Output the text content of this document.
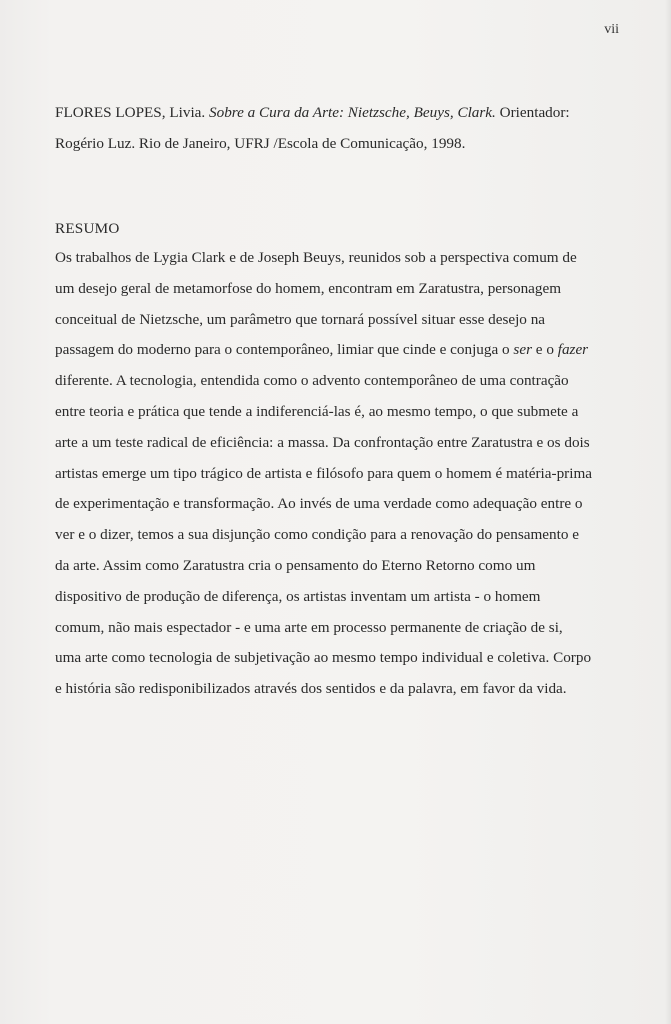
vii
FLORES LOPES, Livia. Sobre a Cura da Arte: Nietzsche, Beuys, Clark. Orientador:
Rogério Luz. Rio de Janeiro, UFRJ /Escola de Comunicação, 1998.
RESUMO
Os trabalhos de Lygia Clark e de Joseph Beuys, reunidos sob a perspectiva comum de
um desejo geral de metamorfose do homem, encontram em Zaratustra, personagem
conceitual de Nietzsche, um parâmetro que tornará possível situar esse desejo na
passagem do moderno para o contemporâneo, limiar que cinde e conjuga o ser e o fazer
diferente. A tecnologia, entendida como o advento contemporâneo de uma contração
entre teoria e prática que tende a indiferenciá-las é, ao mesmo tempo, o que submete a
arte a um teste radical de eficiência: a massa. Da confrontação entre Zaratustra e os dois
artistas emerge um tipo trágico de artista e filósofo para quem o homem é matéria-prima
de experimentação e transformação. Ao invés de uma verdade como adequação entre o
ver e o dizer, temos a sua disjunção como condição para a renovação do pensamento e
da arte. Assim como Zaratustra cria o pensamento do Eterno Retorno como um
dispositivo de produção de diferença, os artistas inventam um artista - o homem
comum, não mais espectador - e uma arte em processo permanente de criação de si,
uma arte como tecnologia de subjetivação ao mesmo tempo individual e coletiva. Corpo
e história são redisponibilizados através dos sentidos e da palavra, em favor da vida.
